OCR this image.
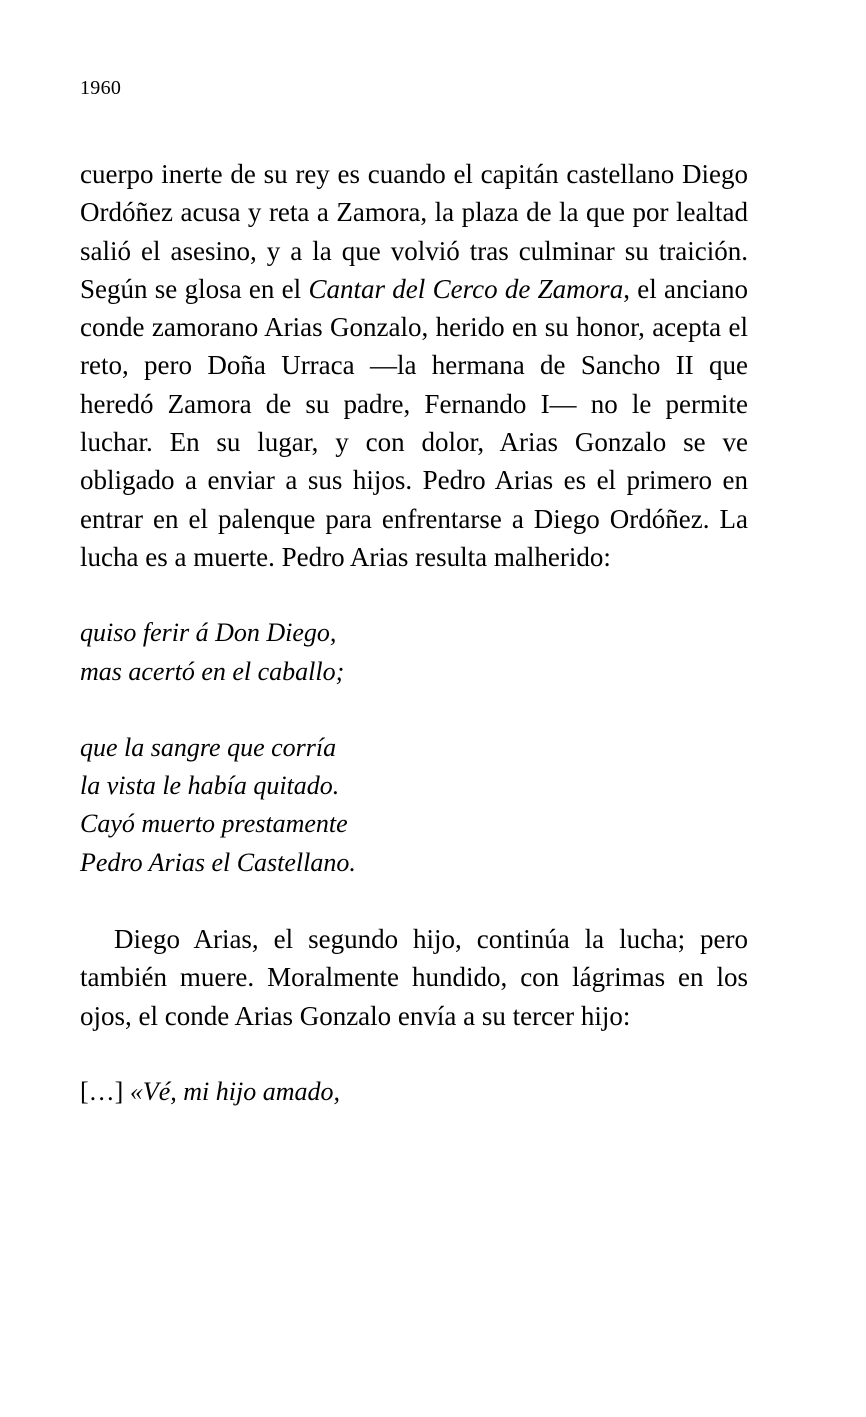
1960

cuerpo inerte de su rey es cuando el capitán castellano Diego Ordóñez acusa y reta a Zamora, la plaza de la que por lealtad salió el asesino, y a la que volvió tras culminar su traición. Según se glosa en el Cantar del Cerco de Zamora, el anciano conde zamorano Arias Gonzalo, herido en su honor, acepta el reto, pero Doña Urraca —la hermana de Sancho II que heredó Zamora de su padre, Fernando I— no le permite luchar. En su lugar, y con dolor, Arias Gonzalo se ve obligado a enviar a sus hijos. Pedro Arias es el primero en entrar en el palenque para enfrentarse a Diego Ordóñez. La lucha es a muerte. Pedro Arias resulta malherido:

quiso ferir á Don Diego,
mas acertó en el caballo;
que la sangre que corría
la vista le había quitado.
Cayó muerto prestamente
Pedro Arias el Castellano.

Diego Arias, el segundo hijo, continúa la lucha; pero también muere. Moralmente hundido, con lágrimas en los ojos, el conde Arias Gonzalo envía a su tercer hijo:

[…] «Vé, mi hijo amado,
